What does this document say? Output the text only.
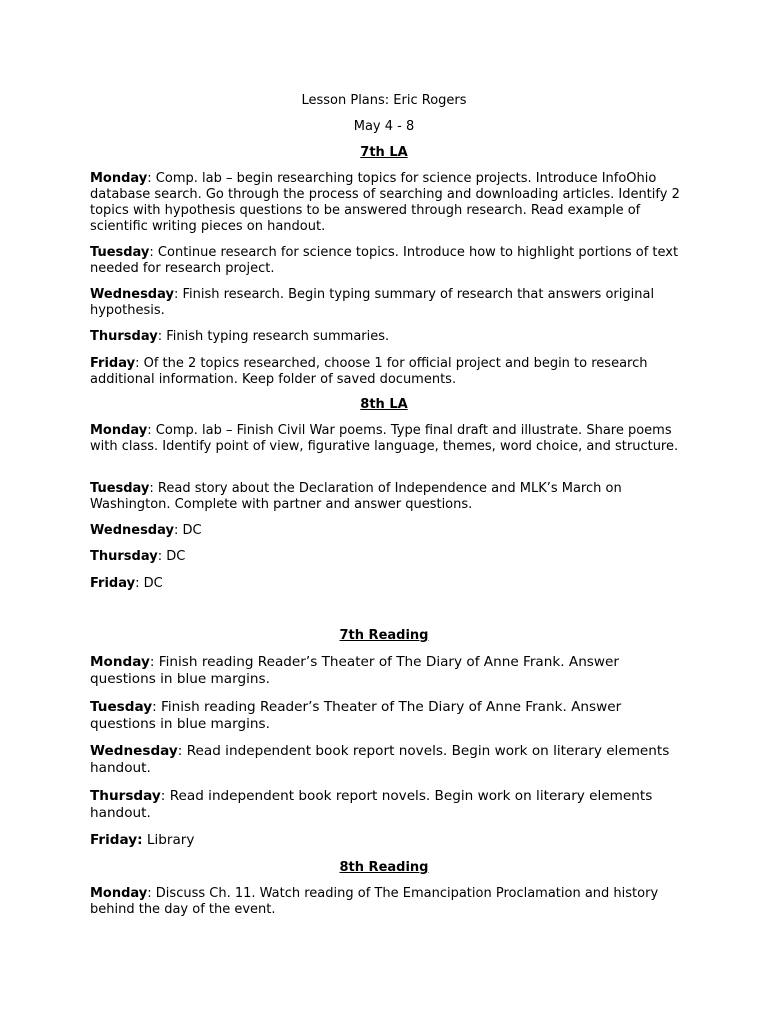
Lesson Plans: Eric Rogers

May 4 - 8

7th LA

Monday: Comp. lab – begin researching topics for science projects. Introduce InfoOhio database search. Go through the process of searching and downloading articles. Identify 2 topics with hypothesis questions to be answered through research. Read example of scientific writing pieces on handout.

Tuesday: Continue research for science topics. Introduce how to highlight portions of text needed for research project.

Wednesday: Finish research. Begin typing summary of research that answers original hypothesis.

Thursday: Finish typing research summaries.

Friday: Of the 2 topics researched, choose 1 for official project and begin to research additional information. Keep folder of saved documents.

8th LA

Monday: Comp. lab – Finish Civil War poems. Type final draft and illustrate. Share poems with class. Identify point of view, figurative language, themes, word choice, and structure.

Tuesday: Read story about the Declaration of Independence and MLK’s March on Washington. Complete with partner and answer questions.

Wednesday: DC

Thursday: DC

Friday: DC

7th Reading

Monday: Finish reading Reader’s Theater of The Diary of Anne Frank. Answer questions in blue margins.

Tuesday: Finish reading Reader’s Theater of The Diary of Anne Frank. Answer questions in blue margins.

Wednesday: Read independent book report novels. Begin work on literary elements handout.

Thursday: Read independent book report novels. Begin work on literary elements handout.

Friday: Library

8th Reading

Monday: Discuss Ch. 11. Watch reading of The Emancipation Proclamation and history behind the day of the event.
